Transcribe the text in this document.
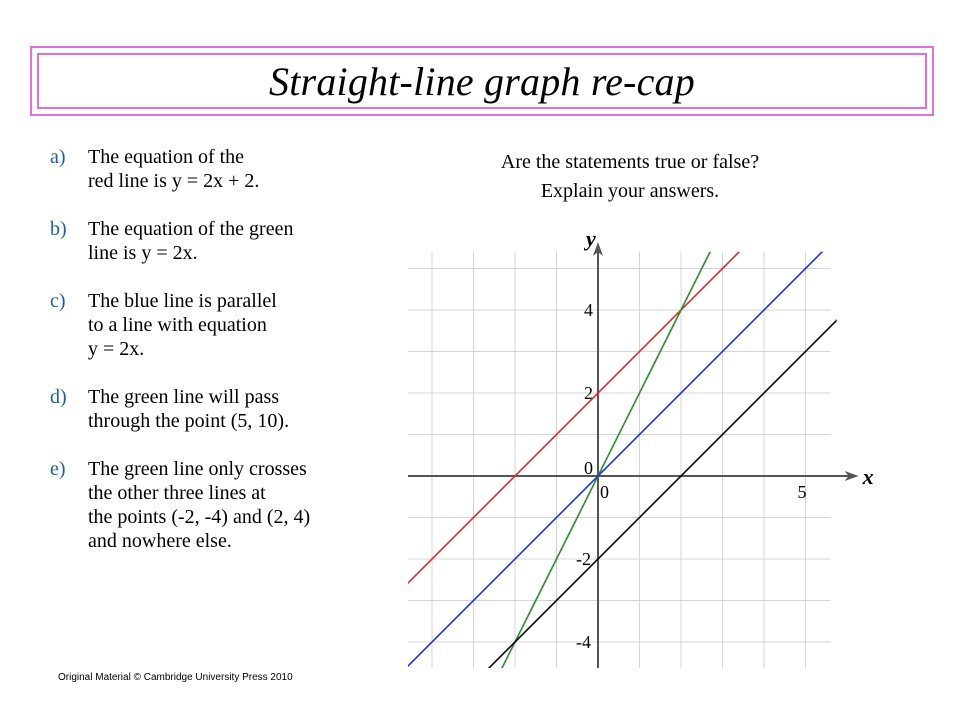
Straight-line graph re-cap
a) The equation of the
red line is y = 2x + 2.
b) The equation of the green
line is y = 2x.
c) The blue line is parallel
to a line with equation
y = 2x.
d) The green line will pass
through the point (5, 10).
e) The green line only crosses
the other three lines at
the points (-2, -4) and (2, 4)
and nowhere else.
Are the statements true or false?
Explain your answers.
x
y
0
0	5
4
2
-2
-4
Original Material © Cambridge University Press 2010
